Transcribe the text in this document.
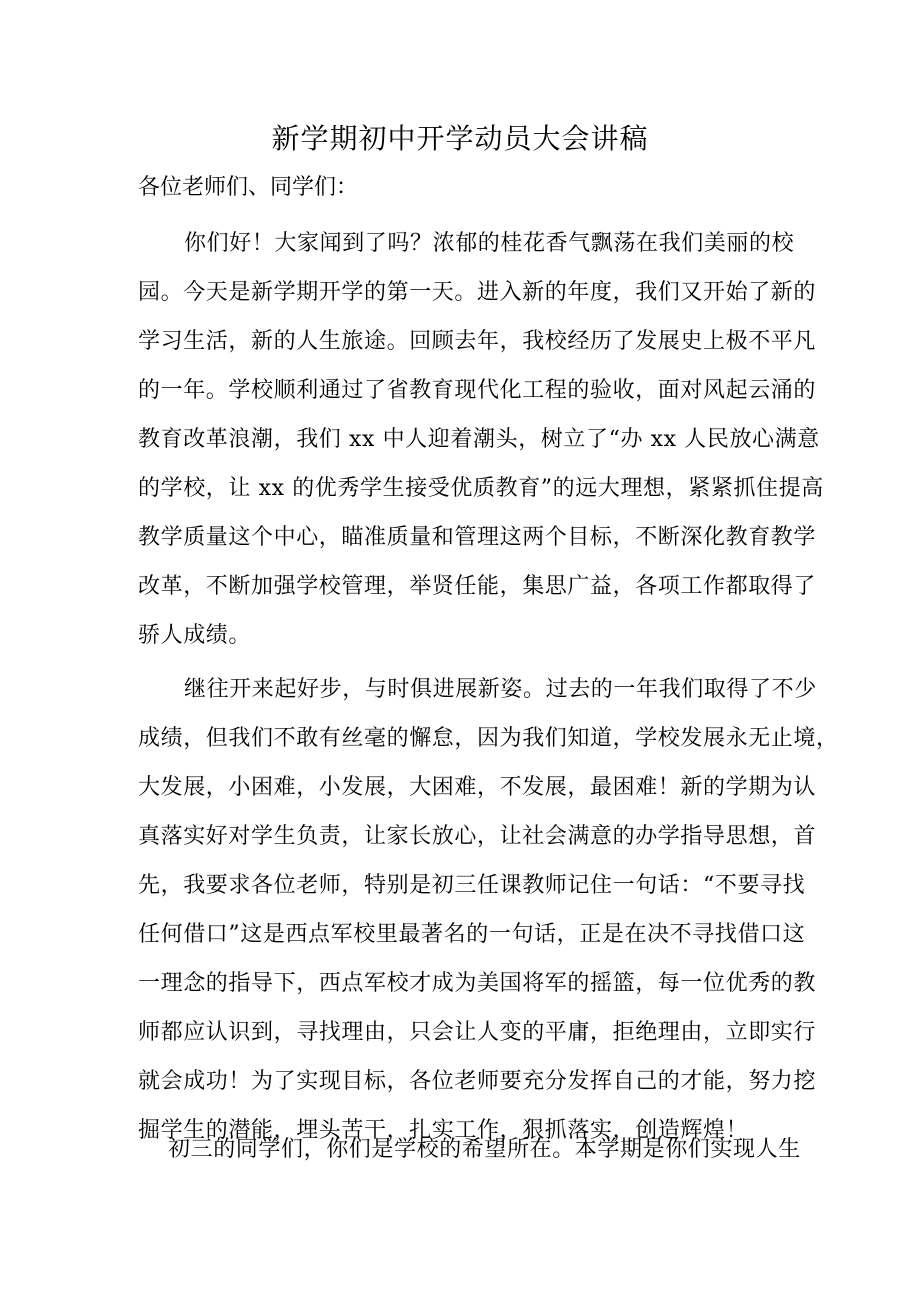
新学期初中开学动员大会讲稿
各位老师们、同学们：
你们好！大家闻到了吗？浓郁的桂花香气飘荡在我们美丽的校
园。今天是新学期开学的第一天。进入新的年度，我们又开始了新的
学习生活，新的人生旅途。回顾去年，我校经历了发展史上极不平凡
的一年。学校顺利通过了省教育现代化工程的验收，面对风起云涌的
教育改革浪潮，我们 xx 中人迎着潮头，树立了“办 xx 人民放心满意
的学校，让 xx 的优秀学生接受优质教育”的远大理想，紧紧抓住提高
教学质量这个中心，瞄准质量和管理这两个目标，不断深化教育教学
改革，不断加强学校管理，举贤任能，集思广益，各项工作都取得了
骄人成绩。
继往开来起好步，与时俱进展新姿。过去的一年我们取得了不少
成绩，但我们不敢有丝毫的懈怠，因为我们知道，学校发展永无止境，
大发展，小困难，小发展，大困难，不发展，最困难！新的学期为认
真落实好对学生负责，让家长放心，让社会满意的办学指导思想，首
先，我要求各位老师，特别是初三任课教师记住一句话：“不要寻找
任何借口”这是西点军校里最著名的一句话，正是在决不寻找借口这
一理念的指导下，西点军校才成为美国将军的摇篮，每一位优秀的教
师都应认识到，寻找理由，只会让人变的平庸，拒绝理由，立即实行
就会成功！为了实现目标，各位老师要充分发挥自己的才能，努力挖
掘学生的潜能，埋头苦干，扎实工作，狠抓落实，创造辉煌！
初三的同学们，你们是学校的希望所在。本学期是你们实现人生
